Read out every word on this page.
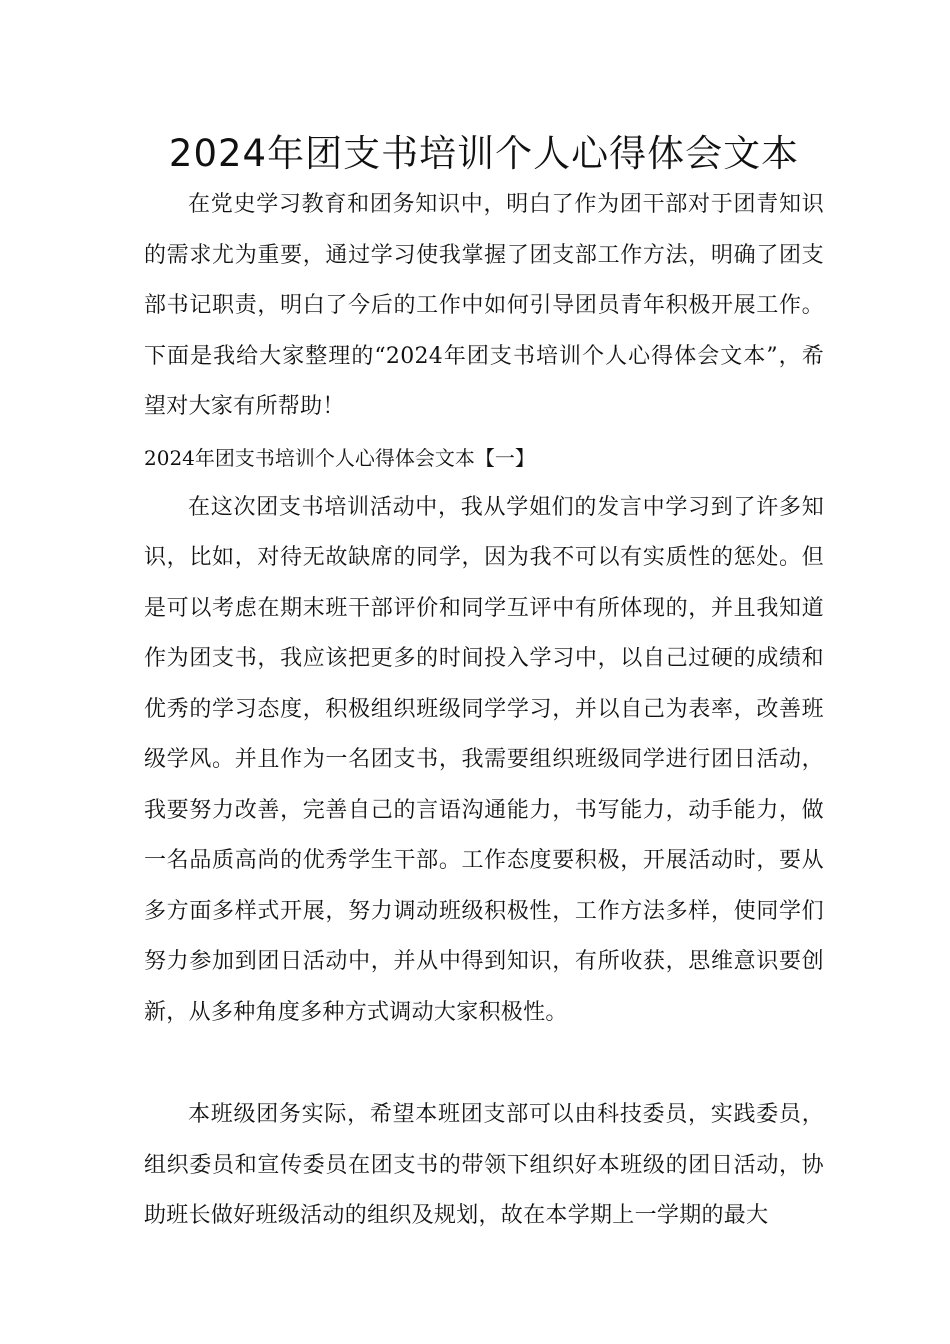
2024年团支书培训个人心得体会文本

在党史学习教育和团务知识中，明白了作为团干部对于团青知识的需求尤为重要，通过学习使我掌握了团支部工作方法，明确了团支部书记职责，明白了今后的工作中如何引导团员青年积极开展工作。下面是我给大家整理的“2024年团支书培训个人心得体会文本”，希望对大家有所帮助！

2024年团支书培训个人心得体会文本【一】

在这次团支书培训活动中，我从学姐们的发言中学习到了许多知识，比如，对待无故缺席的同学，因为我不可以有实质性的惩处。但是可以考虑在期末班干部评价和同学互评中有所体现的，并且我知道作为团支书，我应该把更多的时间投入学习中，以自己过硬的成绩和优秀的学习态度，积极组织班级同学学习，并以自己为表率，改善班级学风。并且作为一名团支书，我需要组织班级同学进行团日活动，我要努力改善，完善自己的言语沟通能力，书写能力，动手能力，做一名品质高尚的优秀学生干部。工作态度要积极，开展活动时，要从多方面多样式开展，努力调动班级积极性，工作方法多样，使同学们努力参加到团日活动中，并从中得到知识，有所收获，思维意识要创新，从多种角度多种方式调动大家积极性。

本班级团务实际，希望本班团支部可以由科技委员，实践委员，组织委员和宣传委员在团支书的带领下组织好本班级的团日活动，协助班长做好班级活动的组织及规划，故在本学期上一学期的最大
